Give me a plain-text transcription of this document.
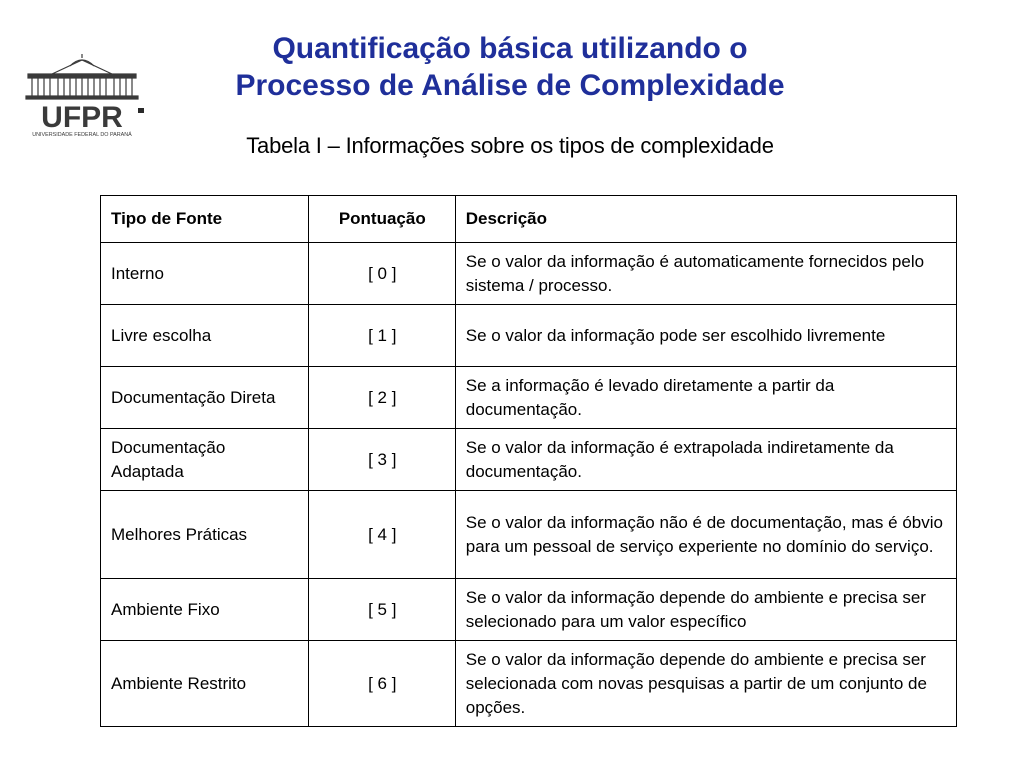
UFPR
UNIVERSIDADE FEDERAL DO PARANÁ
Quantificação básica utilizando o
Processo de Análise de Complexidade
Tabela I – Informações sobre os tipos de complexidade
Tipo de Fonte	Pontuação	Descrição
Interno	[ 0 ]	Se o valor da informação é automaticamente fornecidos pelo sistema / processo.
Livre escolha	[ 1 ]	Se o valor da informação pode ser escolhido livremente
Documentação Direta	[ 2 ]	Se a informação é levado diretamente a partir da documentação.
Documentação Adaptada	[ 3 ]	Se o valor da informação é extrapolada indiretamente da documentação.
Melhores Práticas	[ 4 ]	Se o valor da informação não é de documentação, mas é óbvio para um pessoal de serviço experiente no domínio do serviço.
Ambiente Fixo	[ 5 ]	Se o valor da informação depende do ambiente e precisa ser selecionado para um valor específico
Ambiente Restrito	[ 6 ]	Se o valor da informação depende do ambiente e precisa ser selecionada com novas pesquisas a partir de um conjunto de opções.
